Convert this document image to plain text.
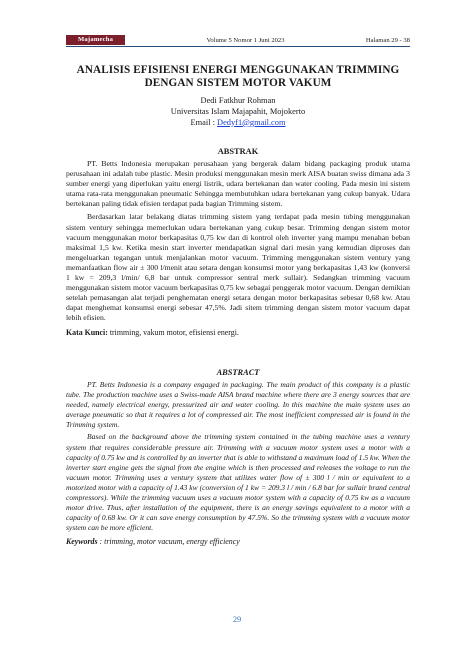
Majamecha	Volume 5 Nomor 1 Juni 2023	Halaman 29 - 38
ANALISIS EFISIENSI ENERGI MENGGUNAKAN TRIMMING
DENGAN SISTEM MOTOR VAKUM
Dedi Fatkhur Rohman
Universitas Islam Majapahit, Mojokerto
Email : Dedyf1@gmail.com
ABSTRAK

PT. Betts Indonesia merupakan perusahaan yang bergerak dalam bidang packaging produk utama perusahaan ini adalah tube plastic. Mesin produksi menggunakan mesin merk AISA buatan swiss dimana ada 3 sumber energi yang diperlukan yaitu energi listrik, udara bertekanan dan water cooling. Pada mesin ini sistem utama rata-rata menggunakan pneumatic Sehingga membutuhkan udara bertekanan yang cukup banyak. Udara bertekanan paling tidak efisien terdapat pada bagian Trimming sistem.

Berdasarkan latar belakang diatas trimming sistem yang terdapat pada mesin tubing menggunakan sistem ventury sehingga memerlukan udara bertekanan yang cukup besar. Trimming dengan sistem motor vacuum menggunakan motor berkapasitas 0,75 kw dan di kontrol oleh inverter yang mampu menahan beban maksimal 1,5 kw. Ketika mesin start inverter mendapatkan signal dari mesin yang kemudian diproses dan mengeluarkan tegangan untuk menjalankan motor vacuum. Trimming menggunakan sistem ventury yang memanfaatkan flow air ± 300 l/menit atau setara dengan konsumsi motor yang berkapasitas 1,43 kw (konversi 1 kw = 209,3 l/min/ 6,8 bar untuk compressor sentral merk sullair). Sedangkan trimming vacuum menggunakan sistem motor vacuum berkapasitas 0,75 kw sebagai penggerak motor vacuum. Dengan demikian setelah pemasangan alat terjadi penghematan energi setara dengan motor berkapasitas sebesar 0,68 kw. Atau dapat menghemat konsumsi energi sebesar 47,5%. Jadi sitem trimming dengan sistem motor vacuum dapat lebih efisien.

Kata Kunci: trimming, vakum motor, efisiensi energi.
ABSTRACT

PT. Betts Indonesia is a company engaged in packaging. The main product of this company is a plastic tube. The production machine uses a Swiss-made AISA brand machine where there are 3 energy sources that are needed, namely electrical energy, pressurized air and water cooling. In this machine the main system uses an average pneumatic so that it requires a lot of compressed air. The most inefficient compressed air is found in the Trimming system.

Based on the background above the trimming system contained in the tubing machine uses a ventury system that requires considerable pressure air. Trimming with a vacuum motor system uses a motor with a capacity of 0.75 kw and is controlled by an inverter that is able to withstand a maximum load of 1.5 kw. When the inverter start engine gets the signal from the engine which is then processed and releases the voltage to run the vacuum motor. Trimming uses a ventury system that utilizes water flow of ± 300 l / min or equivalent to a motorized motor with a capacity of 1.43 kw (conversion of 1 kw = 209.3 l / min / 6.8 bar for sullair brand central compressors). While the trimming vacuum uses a vacuum motor system with a capacity of 0.75 kw as a vacuum motor drive. Thus, after installation of the equipment, there is an energy savings equivalent to a motor with a capacity of 0.68 kw. Or it can save energy consumption by 47.5%. So the trimming system with a vacuum motor system can be more efficient.

Keywords : trimming, motor vacuum, energy efficiency
29
